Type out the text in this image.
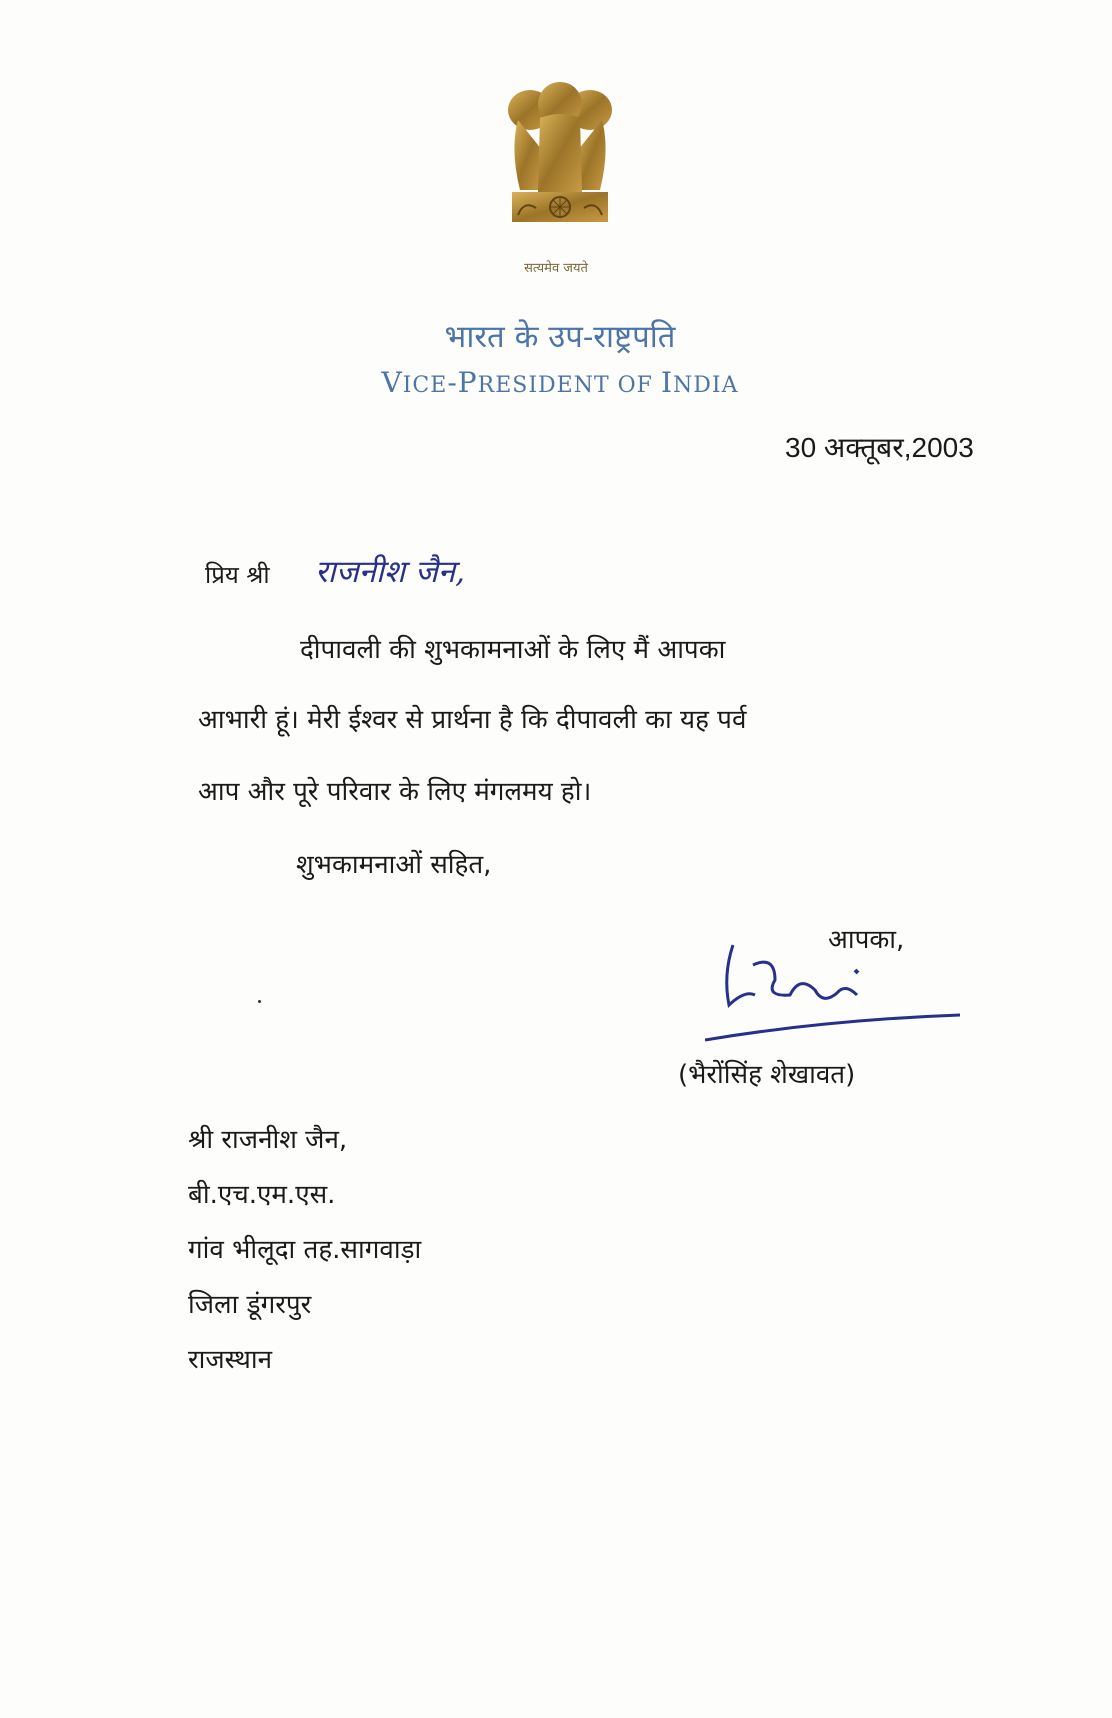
सत्यमेव जयते
भारत के उप-राष्ट्रपति
VICE-PRESIDENT OF INDIA
30 अक्तूबर,2003
प्रिय श्री राजनीश जैन,
दीपावली की शुभकामनाओं के लिए मैं आपका
आभारी हूं। मेरी ईश्वर से प्रार्थना है कि दीपावली का यह पर्व
आप और पूरे परिवार के लिए मंगलमय हो।
शुभकामनाओं सहित,
आपका,
(भैरोंसिंह शेखावत)
श्री राजनीश जैन,
बी.एच.एम.एस.
गांव भीलूदा तह.सागवाड़ा
जिला डूंगरपुर
राजस्थान
